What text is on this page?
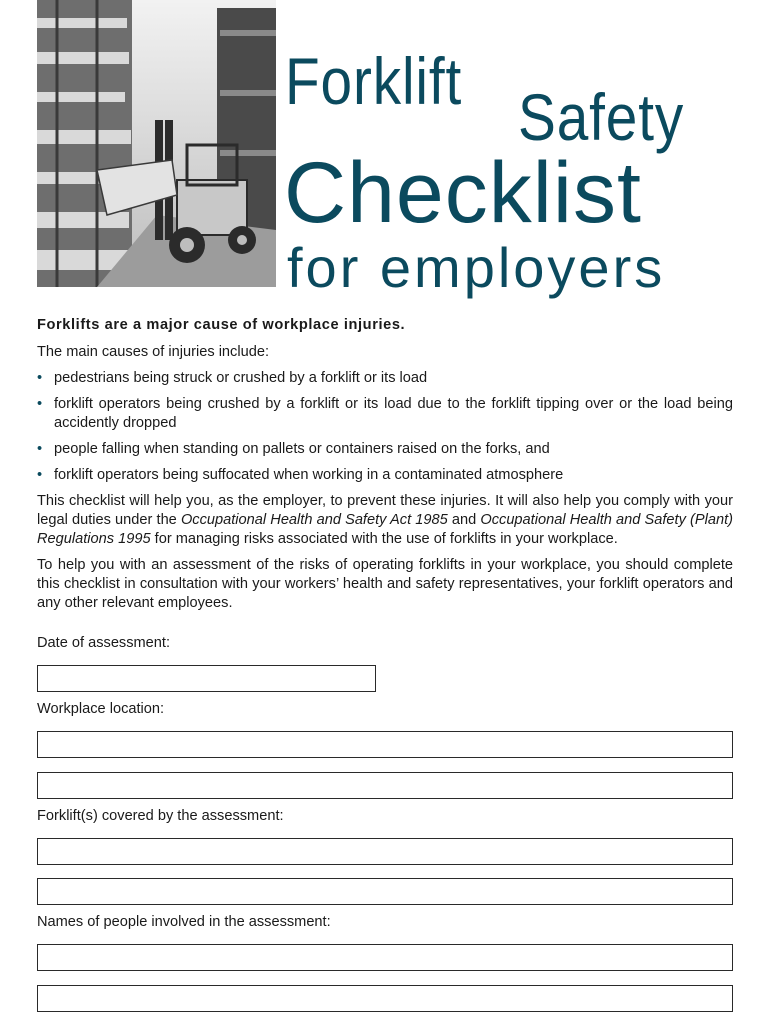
Forklift Safety
Checklist
for employers
Forklifts are a major cause of workplace injuries.
The main causes of injuries include:
• pedestrians being struck or crushed by a forklift or its load
• forklift operators being crushed by a forklift or its load due to the forklift tipping over or the load being accidently dropped
• people falling when standing on pallets or containers raised on the forks, and
• forklift operators being suffocated when working in a contaminated atmosphere
This checklist will help you, as the employer, to prevent these injuries. It will also help you comply with your legal duties under the Occupational Health and Safety Act 1985 and Occupational Health and Safety (Plant) Regulations 1995 for managing risks associated with the use of forklifts in your workplace.
To help you with an assessment of the risks of operating forklifts in your workplace, you should complete this checklist in consultation with your workers’ health and safety representatives, your forklift operators and any other relevant employees.
Date of assessment:
Workplace location:
Forklift(s) covered by the assessment:
Names of people involved in the assessment:
